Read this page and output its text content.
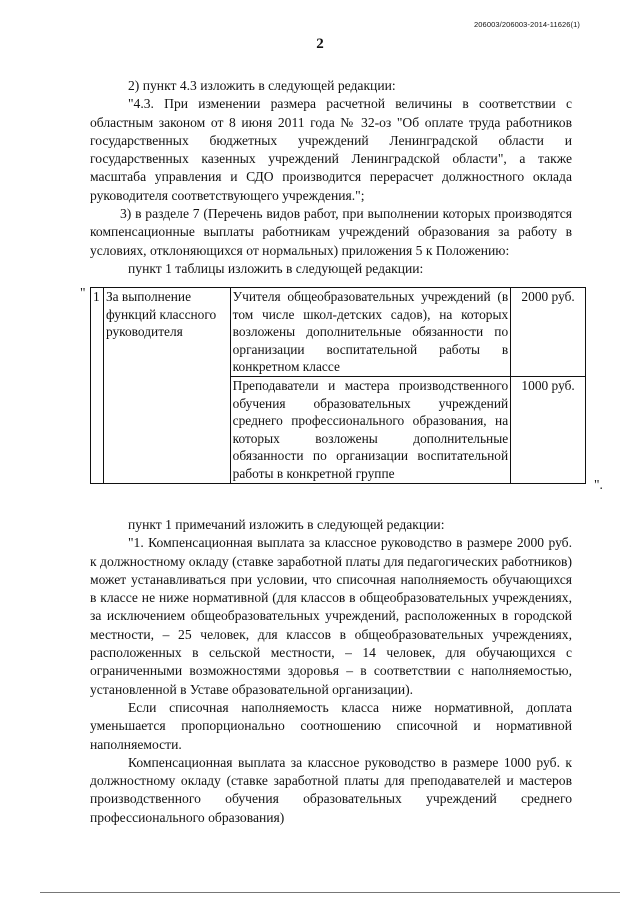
206003/206003-2014-11626(1)
2

2) пункт 4.3 изложить в следующей редакции:

"4.3. При изменении размера расчетной величины в соответствии с областным законом от 8 июня 2011 года № 32-оз "Об оплате труда работников государственных бюджетных учреждений Ленинградской области и государственных казенных учреждений Ленинградской области", а также масштаба управления и СДО производится перерасчет должностного оклада руководителя соответствующего учреждения.";

3) в разделе 7 (Перечень видов работ, при выполнении которых производятся компенсационные выплаты работникам учреждений образования за работу в условиях, отклоняющихся от нормальных) приложения 5 к Положению:

пункт 1 таблицы изложить в следующей редакции:

" 1	За выполнение функций классного руководителя	Учителя общеобразовательных учреждений (в том числе школ-детских садов), на которых возложены дополнительные обязанности по организации воспитательной работы в конкретном классе	2000 руб.
		Преподаватели и мастера производственного обучения образовательных учреждений среднего профессионального образования, на которых возложены дополнительные обязанности по организации воспитательной работы в конкретной группе	1000 руб.
".

пункт 1 примечаний изложить в следующей редакции:

"1. Компенсационная выплата за классное руководство в размере 2000 руб. к должностному окладу (ставке заработной платы для педагогических работников) может устанавливаться при условии, что списочная наполняемость обучающихся в классе не ниже нормативной (для классов в общеобразовательных учреждениях, за исключением общеобразовательных учреждений, расположенных в городской местности, – 25 человек, для классов в общеобразовательных учреждениях, расположенных в сельской местности, – 14 человек, для обучающихся с ограниченными возможностями здоровья – в соответствии с наполняемостью, установленной в Уставе образовательной организации).

Если списочная наполняемость класса ниже нормативной, доплата уменьшается пропорционально соотношению списочной и нормативной наполняемости.

Компенсационная выплата за классное руководство в размере 1000 руб. к должностному окладу (ставке заработной платы для преподавателей и мастеров производственного обучения образовательных учреждений среднего профессионального образования)
